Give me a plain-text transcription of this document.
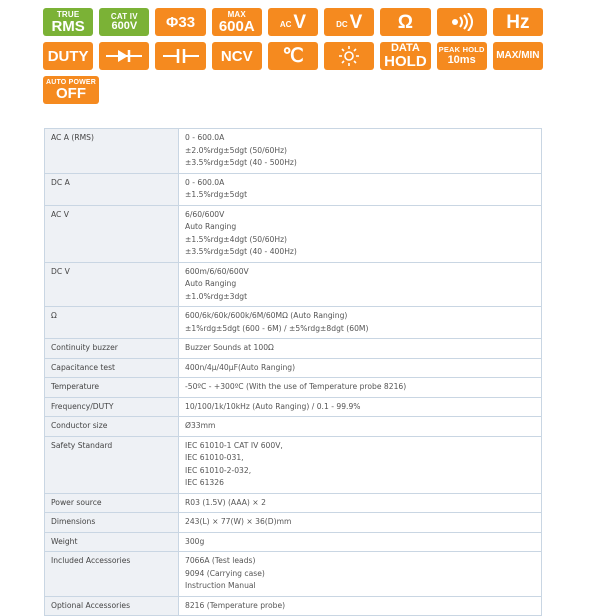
TRUE
RMS
CAT IV
600V Φ33	MAX
600A	AC V	DC V Ω	Hz
DUTY	NCV ℃	DATA
HOLD
PEAK HOLD
10ms MAX/MIN
AUTO POWER
OFF
AC A (RMS)	0 - 600.0A
±2.0%rdg±5dgt (50/60Hz)
±3.5%rdg±5dgt (40 - 500Hz)

DC A	0 - 600.0A
±1.5%rdg±5dgt

AC V	6/60/600V
Auto Ranging
±1.5%rdg±4dgt (50/60Hz)
±3.5%rdg±5dgt (40 - 400Hz)

DC V	600m/6/60/600V
Auto Ranging
±1.0%rdg±3dgt

Ω	600/6k/60k/600k/6M/60MΩ (Auto Ranging)
±1%rdg±5dgt (600 - 6M) / ±5%rdg±8dgt (60M)

Continuity buzzer	Buzzer Sounds at 100Ω

Capacitance test	400n/4μ/40μF(Auto Ranging)

Temperature	-50ºC - +300ºC (With the use of Temperature probe 8216)

Frequency/DUTY	10/100/1k/10kHz (Auto Ranging) / 0.1 - 99.9%

Conductor size	Ø33mm

Safety Standard	IEC 61010-1 CAT IV 600V,
IEC 61010-031,
IEC 61010-2-032,
IEC 61326

Power source	R03 (1.5V) (AAA) × 2

Dimensions	243(L) × 77(W) × 36(D)mm

Weight	300g

Included Accessories	7066A (Test leads)
9094 (Carrying case)
Instruction Manual

Optional Accessories	8216 (Temperature probe)
